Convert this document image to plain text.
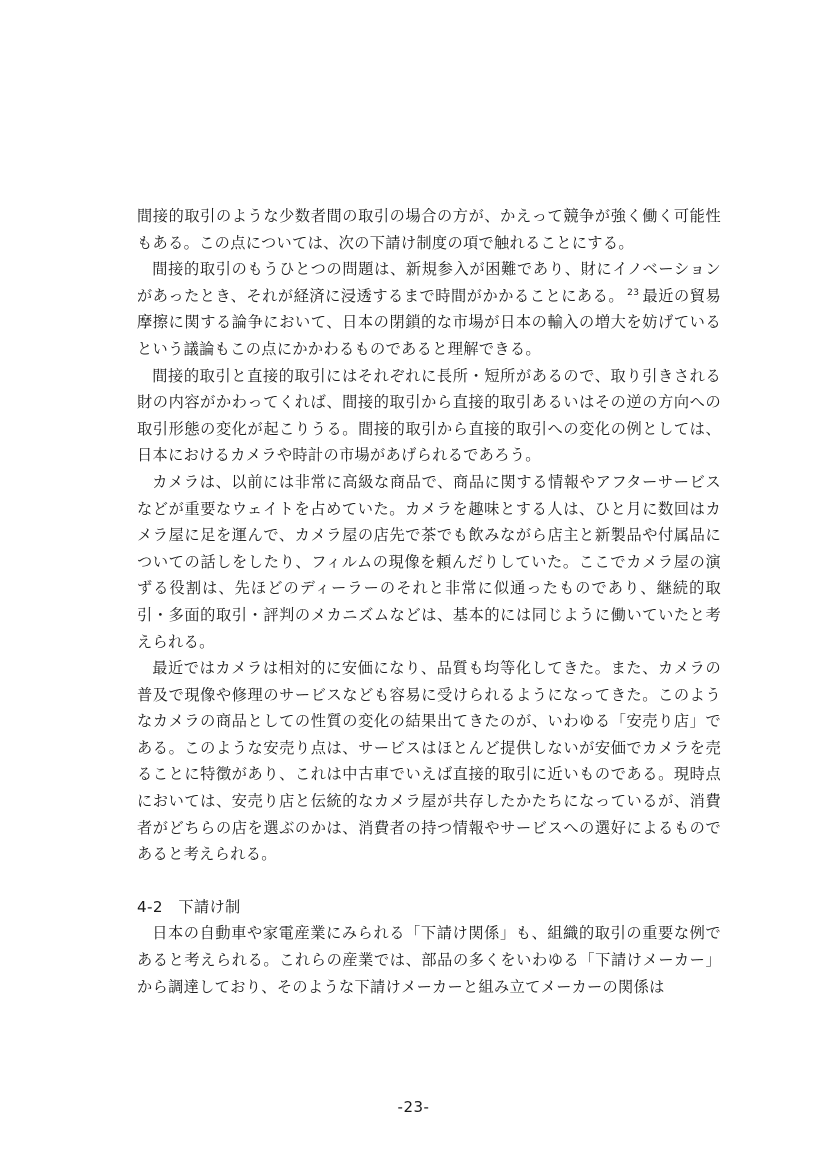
間接的取引のような少数者間の取引の場合の方が、かえって競争が強く働く可能性もある。この点については、次の下請け制度の項で触れることにする。

間接的取引のもうひとつの問題は、新規参入が困難であり、財にイノベーションがあったとき、それが経済に浸透するまで時間がかかることにある。 $^{23}$ 最近の貿易摩擦に関する論争において、日本の閉鎖的な市場が日本の輸入の増大を妨げているという議論もこの点にかかわるものであると理解できる。

間接的取引と直接的取引にはそれぞれに長所・短所があるので、取り引きされる財の内容がかわってくれば、間接的取引から直接的取引あるいはその逆の方向への取引形態の変化が起こりうる。間接的取引から直接的取引への変化の例としては、日本におけるカメラや時計の市場があげられるであろう。

カメラは、以前には非常に高級な商品で、商品に関する情報やアフターサービスなどが重要なウェイトを占めていた。カメラを趣味とする人は、ひと月に数回はカメラ屋に足を運んで、カメラ屋の店先で茶でも飲みながら店主と新製品や付属品についての話しをしたり、フィルムの現像を頼んだりしていた。ここでカメラ屋の演ずる役割は、先ほどのディーラーのそれと非常に似通ったものであり、継続的取引・多面的取引・評判のメカニズムなどは、基本的には同じように働いていたと考えられる。

最近ではカメラは相対的に安価になり、品質も均等化してきた。また、カメラの普及で現像や修理のサービスなども容易に受けられるようになってきた。このようなカメラの商品としての性質の変化の結果出てきたのが、いわゆる「安売り店」である。このような安売り点は、サービスはほとんど提供しないが安価でカメラを売ることに特徴があり、これは中古車でいえば直接的取引に近いものである。現時点においては、安売り店と伝統的なカメラ屋が共存したかたちになっているが、消費者がどちらの店を選ぶのかは、消費者の持つ情報やサービスへの選好によるものであると考えられる。

4-2　下請け制

日本の自動車や家電産業にみられる「下請け関係」も、組織的取引の重要な例であると考えられる。これらの産業では、部品の多くをいわゆる「下請けメーカー」から調達しており、そのような下請けメーカーと組み立てメーカーの関係は

-23-
